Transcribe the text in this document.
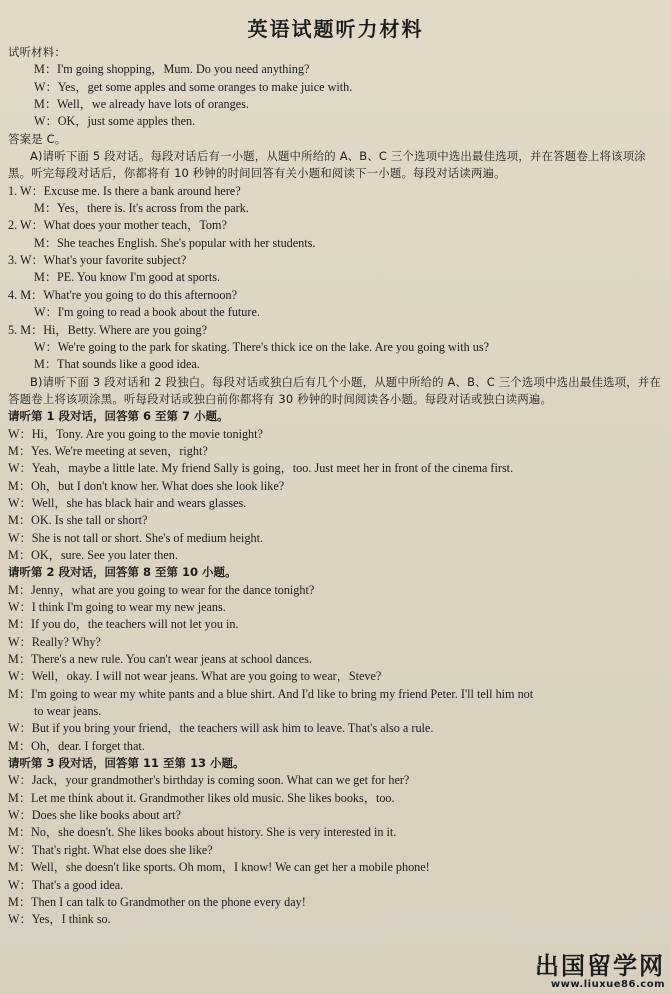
英语试题听力材料
试听材料：
M：I'm going shopping，Mum. Do you need anything?
W：Yes，get some apples and some oranges to make juice with.
M：Well，we already have lots of oranges.
W：OK，just some apples then.
答案是 C。
A)请听下面 5 段对话。每段对话后有一小题，从题中所给的 A、B、C 三个选项中选出最佳选项，并在答题卷上将该项涂黑。听完每段对话后，你都将有 10 秒钟的时间回答有关小题和阅读下一小题。每段对话读两遍。
1. W：Excuse me. Is there a bank around here?
M：Yes，there is. It's across from the park.
2. W：What does your mother teach，Tom?
M：She teaches English. She's popular with her students.
3. W：What's your favorite subject?
M：PE. You know I'm good at sports.
4. M：What're you going to do this afternoon?
W：I'm going to read a book about the future.
5. M：Hi，Betty. Where are you going?
W：We're going to the park for skating. There's thick ice on the lake. Are you going with us?
M：That sounds like a good idea.
B)请听下面 3 段对话和 2 段独白。每段对话或独白后有几个小题，从题中所给的 A、B、C 三个选项中选出最佳选项，并在答题卷上将该项涂黑。听每段对话或独白前你都将有 30 秒钟的时间阅读各小题。每段对话或独白读两遍。
请听第 1 段对话，回答第 6 至第 7 小题。
W：Hi，Tony. Are you going to the movie tonight?
M：Yes. We're meeting at seven，right?
W：Yeah，maybe a little late. My friend Sally is going，too. Just meet her in front of the cinema first.
M：Oh，but I don't know her. What does she look like?
W：Well，she has black hair and wears glasses.
M：OK. Is she tall or short?
W：She is not tall or short. She's of medium height.
M：OK，sure. See you later then.
请听第 2 段对话，回答第 8 至第 10 小题。
M：Jenny，what are you going to wear for the dance tonight?
W：I think I'm going to wear my new jeans.
M：If you do，the teachers will not let you in.
W：Really? Why?
M：There's a new rule. You can't wear jeans at school dances.
W：Well，okay. I will not wear jeans. What are you going to wear，Steve?
M：I'm going to wear my white pants and a blue shirt. And I'd like to bring my friend Peter. I'll tell him not
to wear jeans.
W：But if you bring your friend，the teachers will ask him to leave. That's also a rule.
M：Oh，dear. I forget that.
请听第 3 段对话，回答第 11 至第 13 小题。
W：Jack，your grandmother's birthday is coming soon. What can we get for her?
M：Let me think about it. Grandmother likes old music. She likes books，too.
W：Does she like books about art?
M：No，she doesn't. She likes books about history. She is very interested in it.
W：That's right. What else does she like?
M：Well，she doesn't like sports. Oh mom，I know! We can get her a mobile phone!
W：That's a good idea.
M：Then I can talk to Grandmother on the phone every day!
W：Yes，I think so.
出国留学网
www.liuxue86.com
